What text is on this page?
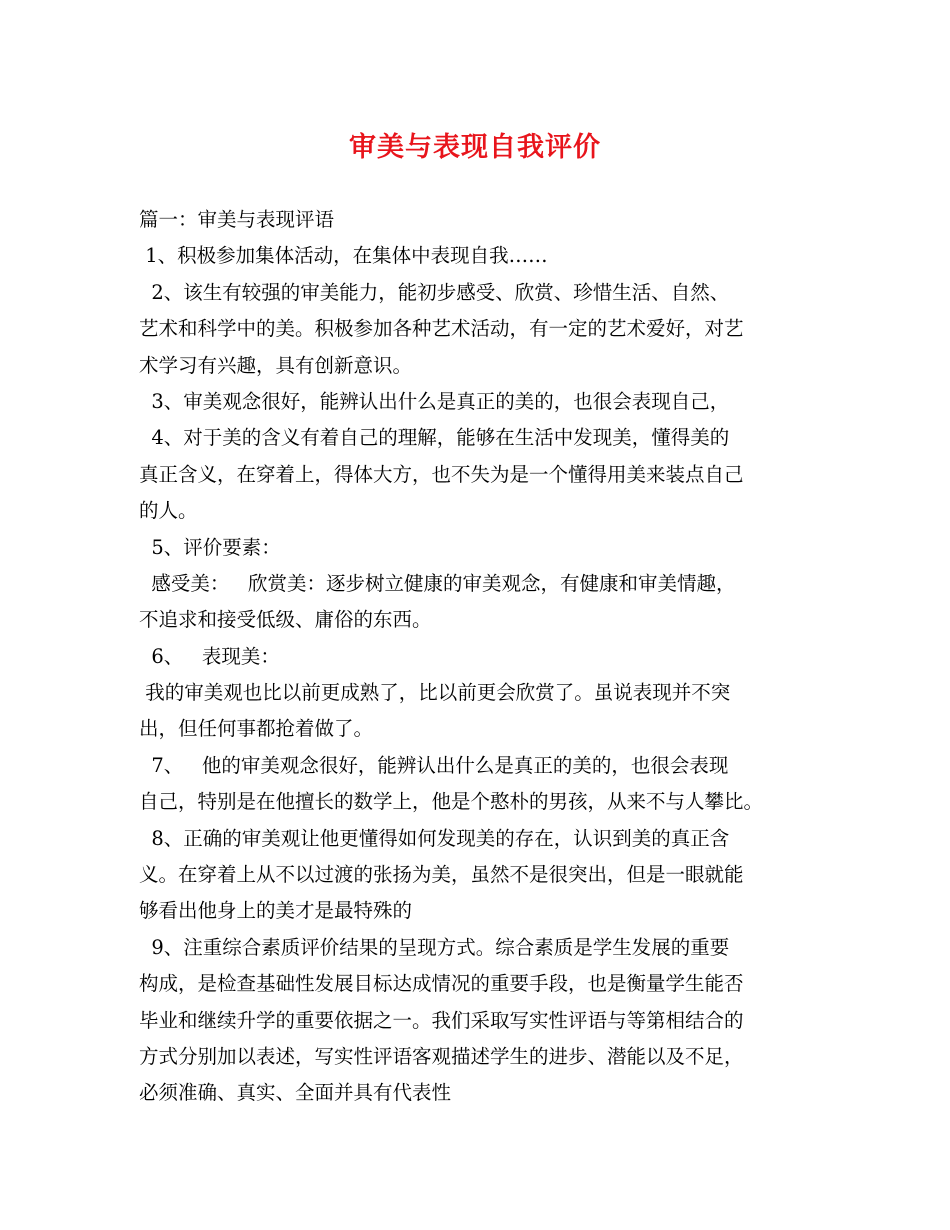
审美与表现自我评价
篇一：审美与表现评语
1、积极参加集体活动，在集体中表现自我……
2、该生有较强的审美能力，能初步感受、欣赏、珍惜生活、自然、
艺术和科学中的美。积极参加各种艺术活动，有一定的艺术爱好，对艺
术学习有兴趣，具有创新意识。
3、审美观念很好，能辨认出什么是真正的美的，也很会表现自己，
4、对于美的含义有着自己的理解，能够在生活中发现美，懂得美的
真正含义，在穿着上，得体大方，也不失为是一个懂得用美来装点自己
的人。
5、评价要素：
感受美：   欣赏美：逐步树立健康的审美观念，有健康和审美情趣，
不追求和接受低级、庸俗的东西。
6、   表现美：
我的审美观也比以前更成熟了，比以前更会欣赏了。虽说表现并不突
出，但任何事都抢着做了。
7、   他的审美观念很好，能辨认出什么是真正的美的，也很会表现
自己，特别是在他擅长的数学上，他是个憨朴的男孩，从来不与人攀比。
8、正确的审美观让他更懂得如何发现美的存在，认识到美的真正含
义。在穿着上从不以过渡的张扬为美，虽然不是很突出，但是一眼就能
够看出他身上的美才是最特殊的
9、注重综合素质评价结果的呈现方式。综合素质是学生发展的重要
构成，是检查基础性发展目标达成情况的重要手段，也是衡量学生能否
毕业和继续升学的重要依据之一。我们采取写实性评语与等第相结合的
方式分别加以表述，写实性评语客观描述学生的进步、潜能以及不足，
必须准确、真实、全面并具有代表性
